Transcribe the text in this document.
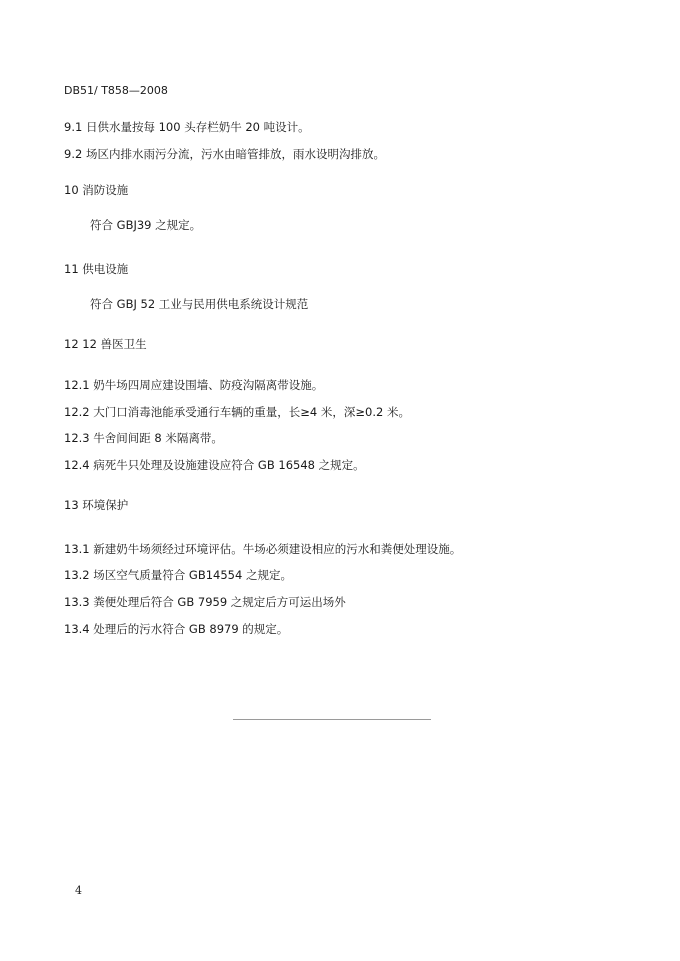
DB51/ T858—2008
9.1 日供水量按每 100 头存栏奶牛 20 吨设计。
9.2 场区内排水雨污分流，污水由暗管排放，雨水设明沟排放。
10 消防设施
符合 GBJ39 之规定。
11 供电设施
符合 GBJ 52 工业与民用供电系统设计规范
12 12 兽医卫生
12.1 奶牛场四周应建设围墙、防疫沟隔离带设施。
12.2 大门口消毒池能承受通行车辆的重量，长≥4 米，深≥0.2 米。
12.3 牛舍间间距 8 米隔离带。
12.4 病死牛只处理及设施建设应符合 GB 16548 之规定。
13 环境保护
13.1 新建奶牛场须经过环境评估。牛场必须建设相应的污水和粪便处理设施。
13.2 场区空气质量符合 GB14554 之规定。
13.3 粪便处理后符合 GB 7959 之规定后方可运出场外
13.4 处理后的污水符合 GB 8979 的规定。
4
